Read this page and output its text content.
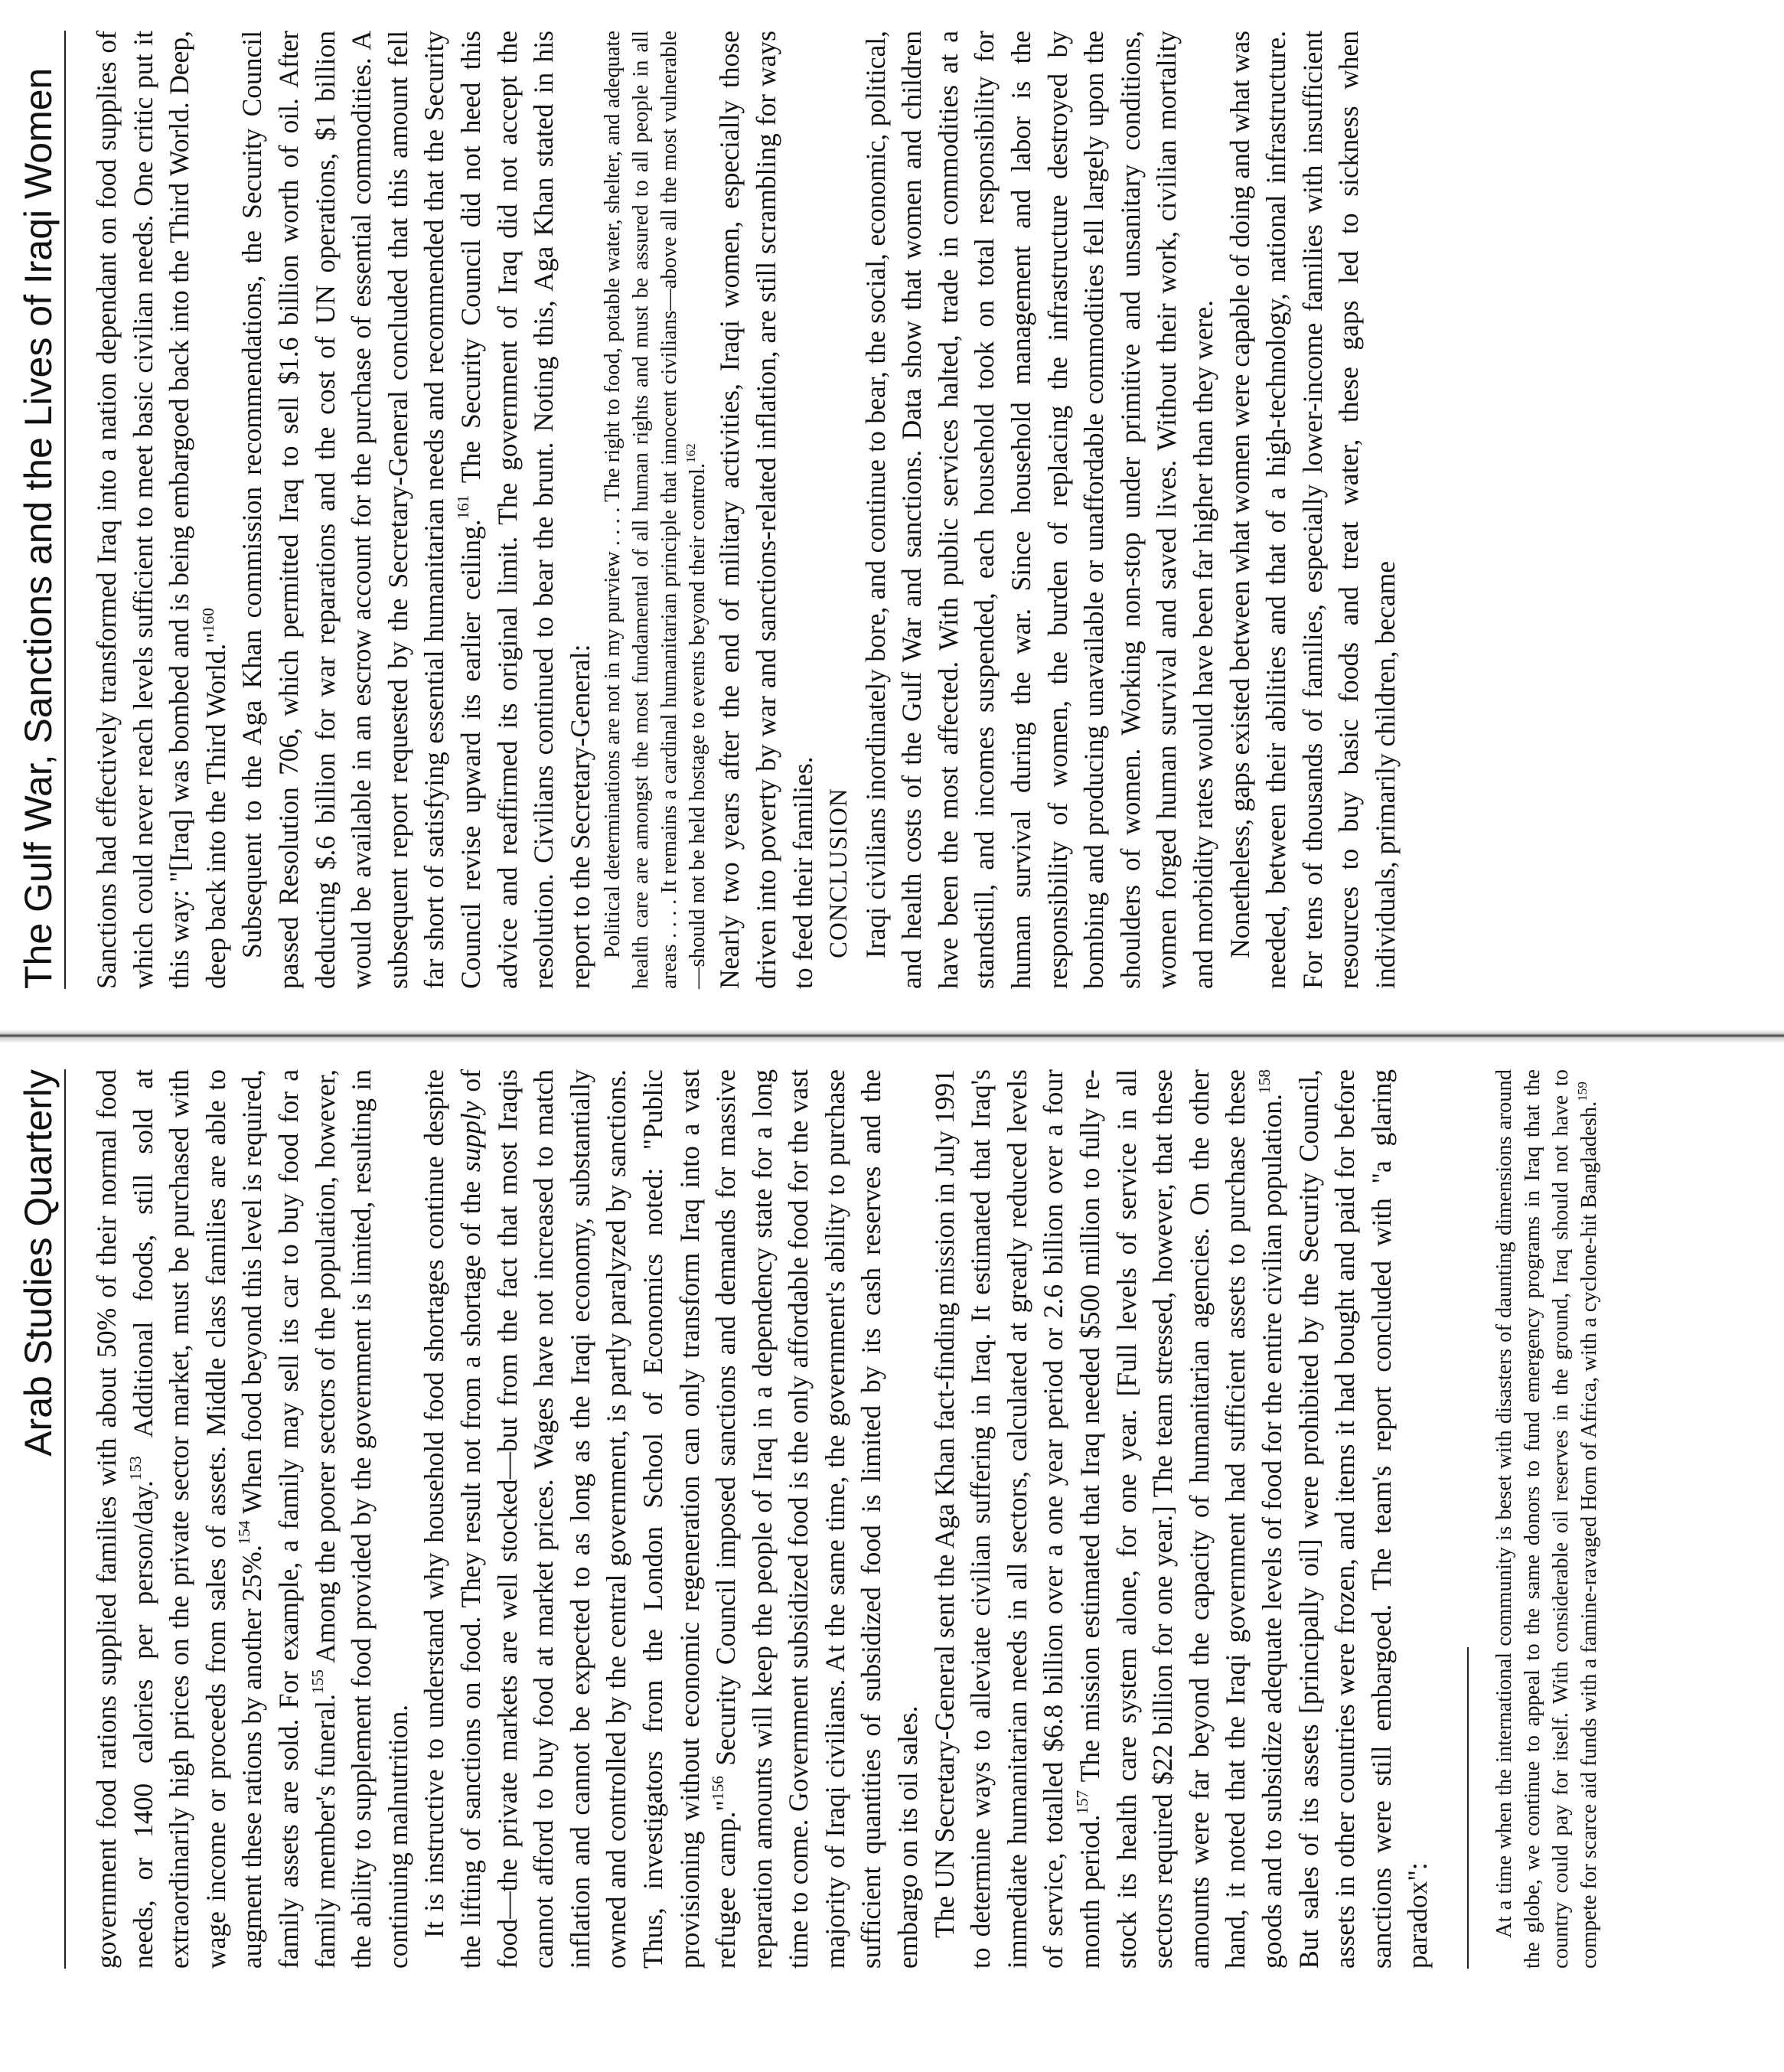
Arab Studies Quarterly government food rations supplied families with about 50% of their normal food needs, or 1400 calories per person/day.$^{153}$ Additional foods, still sold at extraordinarily high prices on the private sector market, must be purchased with wage income or proceeds from sales of assets. Middle class families are able to augment these rations by another 25%.$^{154}$ When food beyond this level is required, family assets are sold. For example, a family may sell its car to buy food for a family member's funeral.$^{155}$ Among the poorer sectors of the population, however, the ability to supplement food provided by the government is limited, resulting in continuing malnutrition. It is instructive to understand why household food shortages continue despite the lifting of sanctions on food. They result not from a shortage of the supply of food—the private markets are well stocked—but from the fact that most Iraqis cannot afford to buy food at market prices. Wages have not increased to match inflation and cannot be expected to as long as the Iraqi economy, substantially owned and controlled by the central government, is partly paralyzed by sanctions. Thus, investigators from the London School of Economics noted: "Public provisioning without economic regeneration can only transform Iraq into a vast refugee camp."$^{156}$ Security Council imposed sanctions and demands for massive reparation amounts will keep the people of Iraq in a dependency state for a long time to come. Government subsidized food is the only affordable food for the vast majority of Iraqi civilians. At the same time, the government's ability to purchase sufficient quantities of subsidized food is limited by its cash reserves and the embargo on its oil sales. The UN Secretary-General sent the Aga Khan fact-finding mission in July 1991 to determine ways to alleviate civilian suffering in Iraq. It estimated that Iraq's immediate humanitarian needs in all sectors, calculated at greatly reduced levels of service, totalled $6.8 billion over a one year period or 2.6 billion over a four month period.$^{157}$ The mission estimated that Iraq needed $500 million to fully re-stock its health care system alone, for one year. [Full levels of service in all sectors required $22 billion for one year.] The team stressed, however, that these amounts were far beyond the capacity of humanitarian agencies. On the other hand, it noted that the Iraqi government had sufficient assets to purchase these goods and to subsidize adequate levels of food for the entire civilian population.$^{158}$ But sales of its assets [principally oil] were prohibited by the Security Council, assets in other countries were frozen, and items it had bought and paid for before sanctions were still embargoed. The team's report concluded with "a glaring paradox":	At a time when the international community is beset with disasters of daunting dimensions around the globe, we continue to appeal to the same donors to fund emergency programs in Iraq that the country could pay for itself. With considerable oil reserves in the ground, Iraq should not have to compete for scarce aid funds with a famine-ravaged Horn of Africa, with a cyclone-hit Bangladesh.$^{159}$

The Gulf War, Sanctions and the Lives of Iraqi Women Sanctions had effectively transformed Iraq into a nation dependant on food supplies of which could never reach levels sufficient to meet basic civilian needs. One critic put it this way: "[Iraq] was bombed and is being embargoed back into the Third World. Deep, deep back into the Third World."$^{160}$ Subsequent to the Aga Khan commission recommendations, the Security Council passed Resolution 706, which permitted Iraq to sell $1.6 billion worth of oil. After deducting $.6 billion for war reparations and the cost of UN operations, $1 billion would be available in an escrow account for the purchase of essential commodities. A subsequent report requested by the Secretary-General concluded that this amount fell far short of satisfying essential humanitarian needs and recommended that the Security Council revise upward its earlier ceiling.$^{161}$ The Security Council did not heed this advice and reaffirmed its original limit. The government of Iraq did not accept the resolution. Civilians continued to bear the brunt. Noting this, Aga Khan stated in his report to the Secretary-General: Political determinations are not in my purview . . . . The right to food, potable water, shelter, and adequate health care are amongst the most fundamental of all human rights and must be assured to all people in all areas . . . . It remains a cardinal humanitarian principle that innocent civilians—above all the most vulnerable—should not be held hostage to events beyond their control.$^{162}$ Nearly two years after the end of military activities, Iraqi women, especially those driven into poverty by war and sanctions-related inflation, are still scrambling for ways to feed their families. CONCLUSION Iraqi civilians inordinately bore, and continue to bear, the social, economic, political, and health costs of the Gulf War and sanctions. Data show that women and children have been the most affected. With public services halted, trade in commodities at a standstill, and incomes suspended, each household took on total responsibility for human survival during the war. Since household management and labor is the responsibility of women, the burden of replacing the infrastructure destroyed by bombing and producing unavailable or unaffordable commodities fell largely upon the shoulders of women. Working non-stop under primitive and unsanitary conditions, women forged human survival and saved lives. Without their work, civilian mortality and morbidity rates would have been far higher than they were. Nonetheless, gaps existed between what women were capable of doing and what was needed, between their abilities and that of a high-technology, national infrastructure. For tens of thousands of families, especially lower-income families with insufficient resources to buy basic foods and treat water, these gaps led to sickness when individuals, primarily children, became
